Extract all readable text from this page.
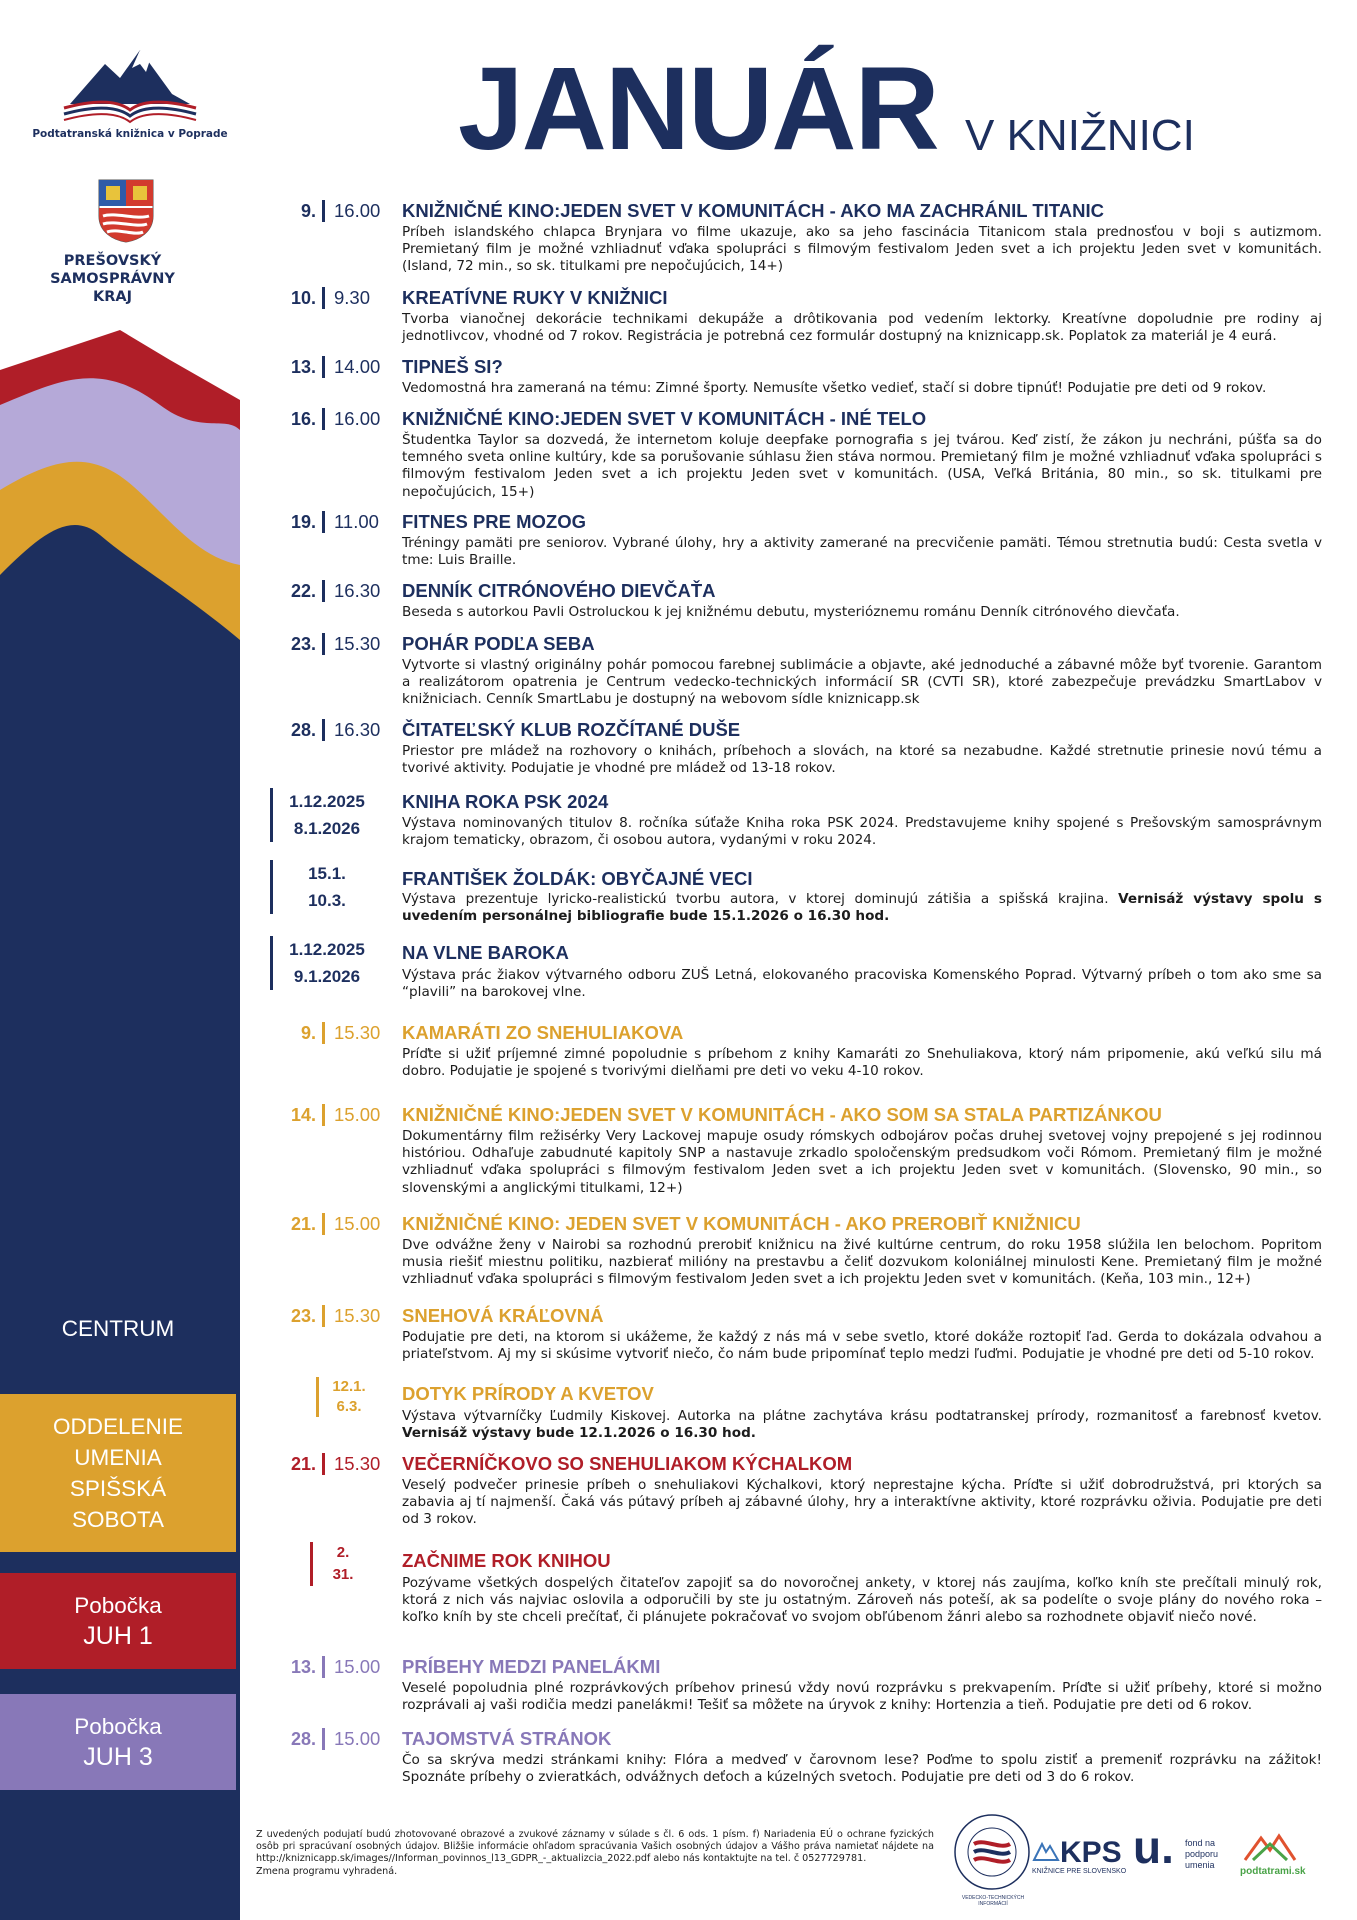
Podtatranská knižnica v Poprade
PREŠOVSKÝ SAMOSPRÁVNY KRAJ
JANUÁR V KNIŽNICI
CENTRUM
ODDELENIE UMENIA SPIŠSKÁ SOBOTA
Pobočka
JUH 1
Pobočka
JUH 3
9. 16.00 KNIŽNIČNÉ KINO:JEDEN SVET V KOMUNITÁCH - AKO MA ZACHRÁNIL TITANIC
Príbeh islandského chlapca Brynjara vo filme ukazuje, ako sa jeho fascinácia Titanicom stala prednosťou v boji s autizmom. Premietaný film je možné vzhliadnuť vďaka spolupráci s filmovým festivalom Jeden svet a ich projektu Jeden svet v komunitách. (Island, 72 min., so sk. titulkami pre nepočujúcich, 14+)
10. 9.30 KREATÍVNE RUKY V KNIŽNICI
Tvorba vianočnej dekorácie technikami dekupáže a drôtikovania pod vedením lektorky. Kreatívne dopoludnie pre rodiny aj jednotlivcov, vhodné od 7 rokov. Registrácia je potrebná cez formulár dostupný na kniznicapp.sk. Poplatok za materiál je 4 eurá.
13. 14.00 TIPNEŠ SI?
Vedomostná hra zameraná na tému: Zimné športy. Nemusíte všetko vedieť, stačí si dobre tipnúť! Podujatie pre deti od 9 rokov.
16. 16.00 KNIŽNIČNÉ KINO:JEDEN SVET V KOMUNITÁCH - INÉ TELO
Študentka Taylor sa dozvedá, že internetom koluje deepfake pornografia s jej tvárou. Keď zistí, že zákon ju nechráni, púšťa sa do temného sveta online kultúry, kde sa porušovanie súhlasu žien stáva normou. Premietaný film je možné vzhliadnuť vďaka spolupráci s filmovým festivalom Jeden svet a ich projektu Jeden svet v komunitách. (USA, Veľká Británia, 80 min., so sk. titulkami pre nepočujúcich, 15+)
19. 11.00 FITNES PRE MOZOG
Tréningy pamäti pre seniorov. Vybrané úlohy, hry a aktivity zamerané na precvičenie pamäti. Témou stretnutia budú: Cesta svetla v tme: Luis Braille.
22. 16.30 DENNÍK CITRÓNOVÉHO DIEVČAŤA
Beseda s autorkou Pavli Ostroluckou k jej knižnému debutu, mysterióznemu románu Denník citrónového dievčaťa.
23. 15.30 POHÁR PODĽA SEBA
Vytvorte si vlastný originálny pohár pomocou farebnej sublimácie a objavte, aké jednoduché a zábavné môže byť tvorenie. Garantom a realizátorom opatrenia je Centrum vedecko-technických informácií SR (CVTI SR), ktoré zabezpečuje prevádzku SmartLabov v knižniciach. Cenník SmartLabu je dostupný na webovom sídle kniznicapp.sk
28. 16.30 ČITATEĽSKÝ KLUB ROZČÍTANÉ DUŠE
Priestor pre mládež na rozhovory o knihách, príbehoch a slovách, na ktoré sa nezabudne. Každé stretnutie prinesie novú tému a tvorivé aktivity. Podujatie je vhodné pre mládež od 13-18 rokov.
1.12.2025
8.1.2026
KNIHA ROKA PSK 2024
Výstava nominovaných titulov 8. ročníka súťaže Kniha roka PSK 2024. Predstavujeme knihy spojené s Prešovským samosprávnym krajom tematicky, obrazom, či osobou autora, vydanými v roku 2024.
15.1.
10.3.
FRANTIŠEK ŽOLDÁK: OBYČAJNÉ VECI
Výstava prezentuje lyricko-realistickú tvorbu autora, v ktorej dominujú zátišia a spišská krajina. Vernisáž výstavy spolu s uvedením personálnej bibliografie bude 15.1.2026 o 16.30 hod.
1.12.2025
9.1.2026
NA VLNE BAROKA
Výstava prác žiakov výtvarného odboru ZUŠ Letná, elokovaného pracoviska Komenského Poprad. Výtvarný príbeh o tom ako sme sa “plavili” na barokovej vlne.
9. 15.30 KAMARÁTI ZO SNEHULIAKOVA
Príďte si užiť príjemné zimné popoludnie s príbehom z knihy Kamaráti zo Snehuliakova, ktorý nám pripomenie, akú veľkú silu má dobro. Podujatie je spojené s tvorivými dielňami pre deti vo veku 4-10 rokov.
14. 15.00 KNIŽNIČNÉ KINO:JEDEN SVET V KOMUNITÁCH - AKO SOM SA STALA PARTIZÁNKOU
Dokumentárny film režisérky Very Lackovej mapuje osudy rómskych odbojárov počas druhej svetovej vojny prepojené s jej rodinnou históriou. Odhaľuje zabudnuté kapitoly SNP a nastavuje zrkadlo spoločenským predsudkom voči Rómom. Premietaný film je možné vzhliadnuť vďaka spolupráci s filmovým festivalom Jeden svet a ich projektu Jeden svet v komunitách. (Slovensko, 90 min., so slovenskými a anglickými titulkami, 12+)
21. 15.00 KNIŽNIČNÉ KINO: JEDEN SVET V KOMUNITÁCH - AKO PREROBIŤ KNIŽNICU
Dve odvážne ženy v Nairobi sa rozhodnú prerobiť knižnicu na živé kultúrne centrum, do roku 1958 slúžila len belochom. Popritom musia riešiť miestnu politiku, nazbierať milióny na prestavbu a čeliť dozvukom koloniálnej minulosti Kene. Premietaný film je možné vzhliadnuť vďaka spolupráci s filmovým festivalom Jeden svet a ich projektu Jeden svet v komunitách. (Keňa, 103 min., 12+)
23. 15.30 SNEHOVÁ KRÁĽOVNÁ
Podujatie pre deti, na ktorom si ukážeme, že každý z nás má v sebe svetlo, ktoré dokáže roztopiť ľad. Gerda to dokázala odvahou a priateľstvom. Aj my si skúsime vytvoriť niečo, čo nám bude pripomínať teplo medzi ľuďmi. Podujatie je vhodné pre deti od 5-10 rokov.
12.1.
6.3.
DOTYK PRÍRODY A KVETOV
Výstava výtvarníčky Ľudmily Kiskovej. Autorka na plátne zachytáva krásu podtatranskej prírody, rozmanitosť a farebnosť kvetov. Vernisáž výstavy bude 12.1.2026 o 16.30 hod.
21. 15.30 VEČERNÍČKOVO SO SNEHULIAKOM KÝCHALKOM
Veselý podvečer prinesie príbeh o snehuliakovi Kýchalkovi, ktorý neprestajne kýcha. Príďte si užiť dobrodružstvá, pri ktorých sa zabavia aj tí najmenší. Čaká vás pútavý príbeh aj zábavné úlohy, hry a interaktívne aktivity, ktoré rozprávku oživia. Podujatie pre deti od 3 rokov.
2.
31.
ZAČNIME ROK KNIHOU
Pozývame všetkých dospelých čitateľov zapojiť sa do novoročnej ankety, v ktorej nás zaujíma, koľko kníh ste prečítali minulý rok, ktorá z nich vás najviac oslovila a odporučili by ste ju ostatným. Zároveň nás poteší, ak sa podelíte o svoje plány do nového roka – koľko kníh by ste chceli prečítať, či plánujete pokračovať vo svojom obľúbenom žánri alebo sa rozhodnete objaviť niečo nové.
13. 15.00 PRÍBEHY MEDZI PANELÁKMI
Veselé popoludnia plné rozprávkových príbehov prinesú vždy novú rozprávku s prekvapením. Príďte si užiť príbehy, ktoré si možno rozprávali aj vaši rodičia medzi panelákmi! Tešiť sa môžete na úryvok z knihy: Hortenzia a tieň. Podujatie pre deti od 6 rokov.
28. 15.00 TAJOMSTVÁ STRÁNOK
Čo sa skrýva medzi stránkami knihy: Flóra a medveď v čarovnom lese? Poďme to spolu zistiť a premeniť rozprávku na zážitok! Spoznáte príbehy o zvieratkách, odvážnych deťoch a kúzelných svetoch. Podujatie pre deti od 3 do 6 rokov.
Z uvedených podujatí budú zhotovované obrazové a zvukové záznamy v súlade s čl. 6 ods. 1 písm. f) Nariadenia EÚ o ochrane fyzických osôb pri spracúvaní osobných údajov. Bližšie informácie ohľadom spracúvania Vašich osobných údajov a Vášho práva namietať nájdete na http://kniznicapp.sk/images//Informan_povinnos_l13_GDPR_-_aktualizcia_2022.pdf alebo nás kontaktujte na tel. č 0527729781.
Zmena programu vyhradená.
VEDECKO-TECHNICKÝCH INFORMÁCIÍ
KPS
KNIŽNICE PRE SLOVENSKO u. fond na podporu umenia
podtatrami.sk
